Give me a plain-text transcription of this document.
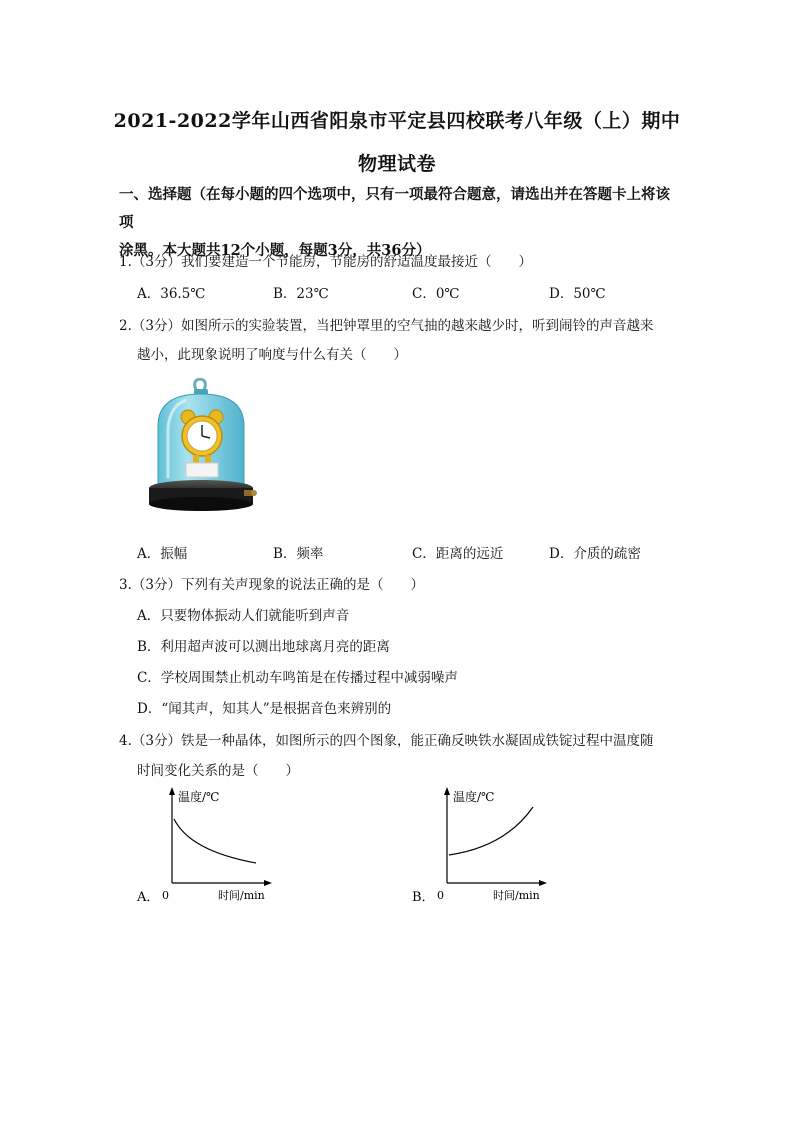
2021-2022学年山西省阳泉市平定县四校联考八年级（上）期中
物理试卷
一、选择题（在每小题的四个选项中，只有一项最符合题意，请选出并在答题卡上将该项
涂黑。本大题共12个小题，每题3分，共36分）
1.（3分）我们要建造一个节能房，节能房的舒适温度最接近（　　）
A．36.5℃	B．23℃	C．0℃	D．50℃
2.（3分）如图所示的实验装置，当把钟罩里的空气抽的越来越少时，听到闹铃的声音越来
越小，此现象说明了响度与什么有关（　　）
A．振幅	B．频率	C．距离的远近	D．介质的疏密
3.（3分）下列有关声现象的说法正确的是（　　）
A．只要物体振动人们就能听到声音
B．利用超声波可以测出地球离月亮的距离
C．学校周围禁止机动车鸣笛是在传播过程中减弱噪声
D．“闻其声，知其人”是根据音色来辨别的
4.（3分）铁是一种晶体，如图所示的四个图象，能正确反映铁水凝固成铁锭过程中温度随
时间变化关系的是（　　）
温度/℃
0	时间/min
A．
温度/℃
0	时间/min
B．
